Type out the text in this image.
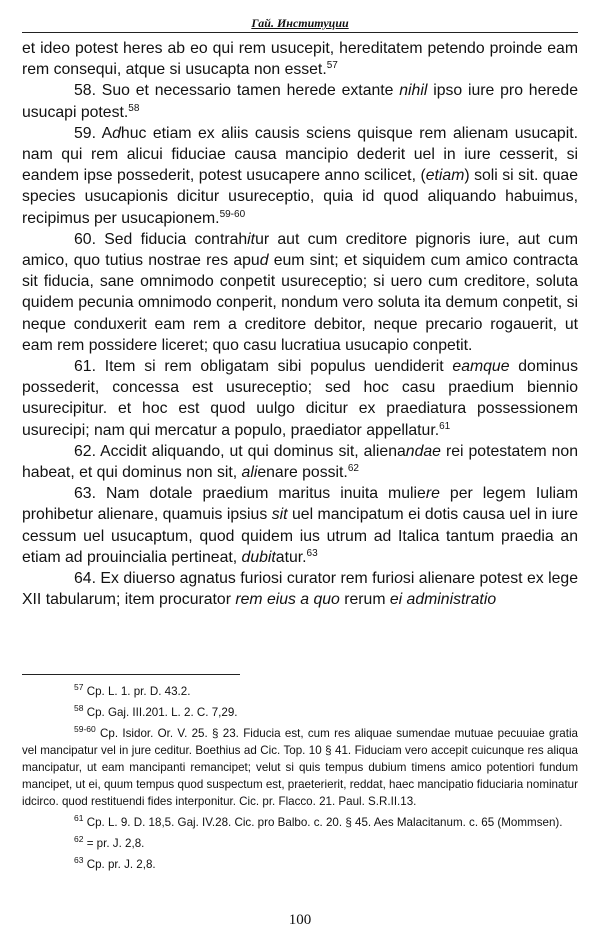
Гай. Институции

et ideo potest heres ab eo qui rem usucepit, hereditatem petendo proinde eam rem consequi, atque si usucapta non esset.$^{57}$

58. Suo et necessario tamen herede extante nihil ipso iure pro herede usucapi potest.$^{58}$

59. Adhuc etiam ex aliis causis sciens quisque rem alienam usucapit. nam qui rem alicui fiduciae causa mancipio dederit uel in iure cesserit, si eandem ipse possederit, potest usucapere anno scilicet, (etiam) soli si sit. quae species usucapionis dicitur usureceptio, quia id quod aliquando habuimus, recipimus per usucapionem.$^{59-60}$

60. Sed fiducia contrahitur aut cum creditore pignoris iure, aut cum amico, quo tutius nostrae res apud eum sint; et siquidem cum amico contracta sit fiducia, sane omnimodo conpetit usureceptio; si uero cum creditore, soluta quidem pecunia omnimodo conperit, nondum vero soluta ita demum conpetit, si neque conduxerit eam rem a creditore debitor, neque precario rogauerit, ut eam rem possidere liceret; quo casu lucratiua usucapio conpetit.

61. Item si rem obligatam sibi populus uendiderit eamque dominus possederit, concessa est usureceptio; sed hoc casu praedium biennio usurecipitur. et hoc est quod uulgo dicitur ex praediatura possessionem usurecipi; nam qui mercatur a populo, praediator appellatur.$^{61}$

62. Accidit aliquando, ut qui dominus sit, alienandae rei potestatem non habeat, et qui dominus non sit, alienare possit.$^{62}$

63. Nam dotale praedium maritus inuita muliere per legem Iuliam prohibetur alienare, quamuis ipsius sit uel mancipatum ei dotis causa uel in iure cessum uel usucaptum, quod quidem ius utrum ad Italica tantum praedia an etiam ad prouincialia pertineat, dubitatur.$^{63}$

64. Ex diuerso agnatus furiosi curator rem furiosi alienare potest ex lege XII tabularum; item procurator rem eius a quo rerum ei administratio

$^{57}$ Cp. L. 1. pr. D. 43.2.

$^{58}$ Cp. Gaj. III.201. L. 2. C. 7,29.

$^{59-60}$ Cp. Isidor. Or. V. 25. § 23. Fiducia est, cum res aliquae sumendae mutuae pecuuiae gratia vel mancipatur vel in jure ceditur. Boethius ad Cic. Top. 10 § 41. Fiduciam vero accepit cuicunque res aliqua mancipatur, ut eam mancipanti remancipet; velut si quis tempus dubium timens amico potentiori fundum mancipet, ut ei, quum tempus quod suspectum est, praeterierit, reddat, haec mancipatio fiduciaria nominatur idcirco. quod restituendi fides interponitur. Cic. pr. Flacco. 21. Paul. S.R.II.13.

$^{61}$ Cp. L. 9. D. 18,5. Gaj. IV.28. Cic. pro Balbo. c. 20. § 45. Aes Malacitanum. c. 65 (Mommsen).

$^{62}$ = pr. J. 2,8.

$^{63}$ Cp. pr. J. 2,8.

100
